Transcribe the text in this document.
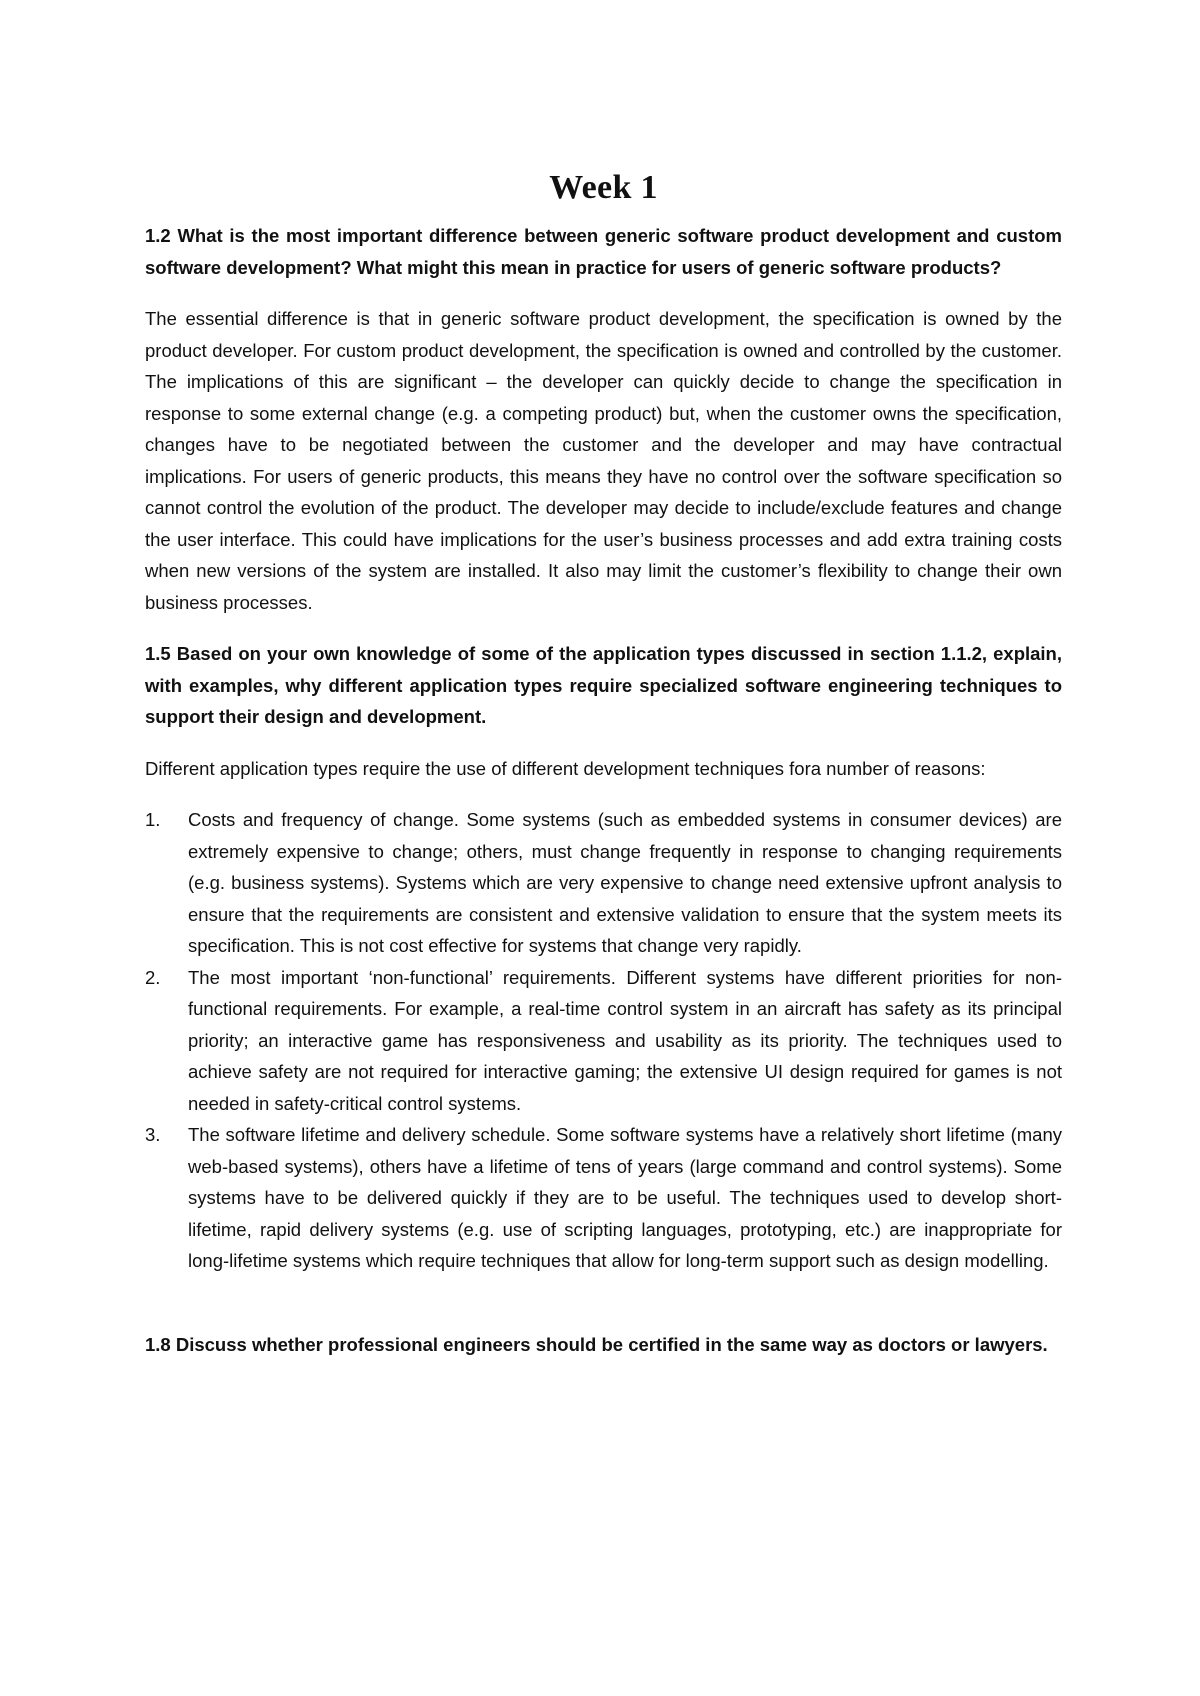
Week 1

1.2 What is the most important difference between generic software product development and custom software development? What might this mean in practice for users of generic software products?

The essential difference is that in generic software product development, the specification is owned by the product developer. For custom product development, the specification is owned and controlled by the customer. The implications of this are significant – the developer can quickly decide to change the specification in response to some external change (e.g. a competing product) but, when the customer owns the specification, changes have to be negotiated between the customer and the developer and may have contractual implications. For users of generic products, this means they have no control over the software specification so cannot control the evolution of the product. The developer may decide to include/exclude features and change the user interface. This could have implications for the user’s business processes and add extra training costs when new versions of the system are installed. It also may limit the customer’s flexibility to change their own business processes.

1.5 Based on your own knowledge of some of the application types discussed in section 1.1.2, explain, with examples, why different application types require specialized software engineering techniques to support their design and development.

Different application types require the use of different development techniques fora number of reasons:

1. Costs and frequency of change. Some systems (such as embedded systems in consumer devices) are extremely expensive to change; others, must change frequently in response to changing requirements (e.g. business systems). Systems which are very expensive to change need extensive upfront analysis to ensure that the requirements are consistent and extensive validation to ensure that the system meets its specification. This is not cost effective for systems that change very rapidly.
2. The most important ‘non-functional’ requirements. Different systems have different priorities for non-functional requirements. For example, a real-time control system in an aircraft has safety as its principal priority; an interactive game has responsiveness and usability as its priority. The techniques used to achieve safety are not required for interactive gaming; the extensive UI design required for games is not needed in safety-critical control systems.
3. The software lifetime and delivery schedule. Some software systems have a relatively short lifetime (many web-based systems), others have a lifetime of tens of years (large command and control systems). Some systems have to be delivered quickly if they are to be useful. The techniques used to develop short-lifetime, rapid delivery systems (e.g. use of scripting languages, prototyping, etc.) are inappropriate for long-lifetime systems which require techniques that allow for long-term support such as design modelling.

1.8 Discuss whether professional engineers should be certified in the same way as doctors or lawyers.
